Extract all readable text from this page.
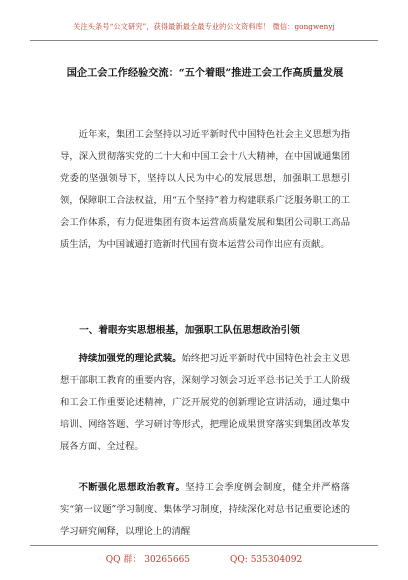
关注头条号“公文研究”，获得最新最全最专业的公文资料库！ 微信：gongwenyj
国企工会工作经验交流：“五个着眼”推进工会工作高质量发展
近年来，集团工会坚持以习近平新时代中国特色社会主义思想为指导，深入贯彻落实党的二十大和中国工会十八大精神，在中国诚通集团党委的坚强领导下，坚持以人民为中心的发展思想，加强职工思想引领，保障职工合法权益，用“五个坚持”着力构建联系广泛服务职工的工会工作体系，有力促进集团有资本运营高质量发展和集团公司职工高品质生活，为中国诚通打造新时代国有资本运营公司作出应有贡献。
一、着眼夯实思想根基，加强职工队伍思想政治引领
持续加强党的理论武装。始终把习近平新时代中国特色社会主义思想干部职工教育的重要内容，深刻学习领会习近平总书记关于工人阶级和工会工作重要论述精神，广泛开展党的创新理论宣讲活动，通过集中培训、网络答题、学习研讨等形式，把理论成果贯穿落实到集团改革发展各方面、全过程。
不断强化思想政治教育。坚持工会季度例会制度，健全并严格落实“第一议题”学习制度、集体学习制度，持续深化对总书记重要论述的学习研究阐释，以理论上的清醒
QQ 群： 30265665	QQ: 535304092
